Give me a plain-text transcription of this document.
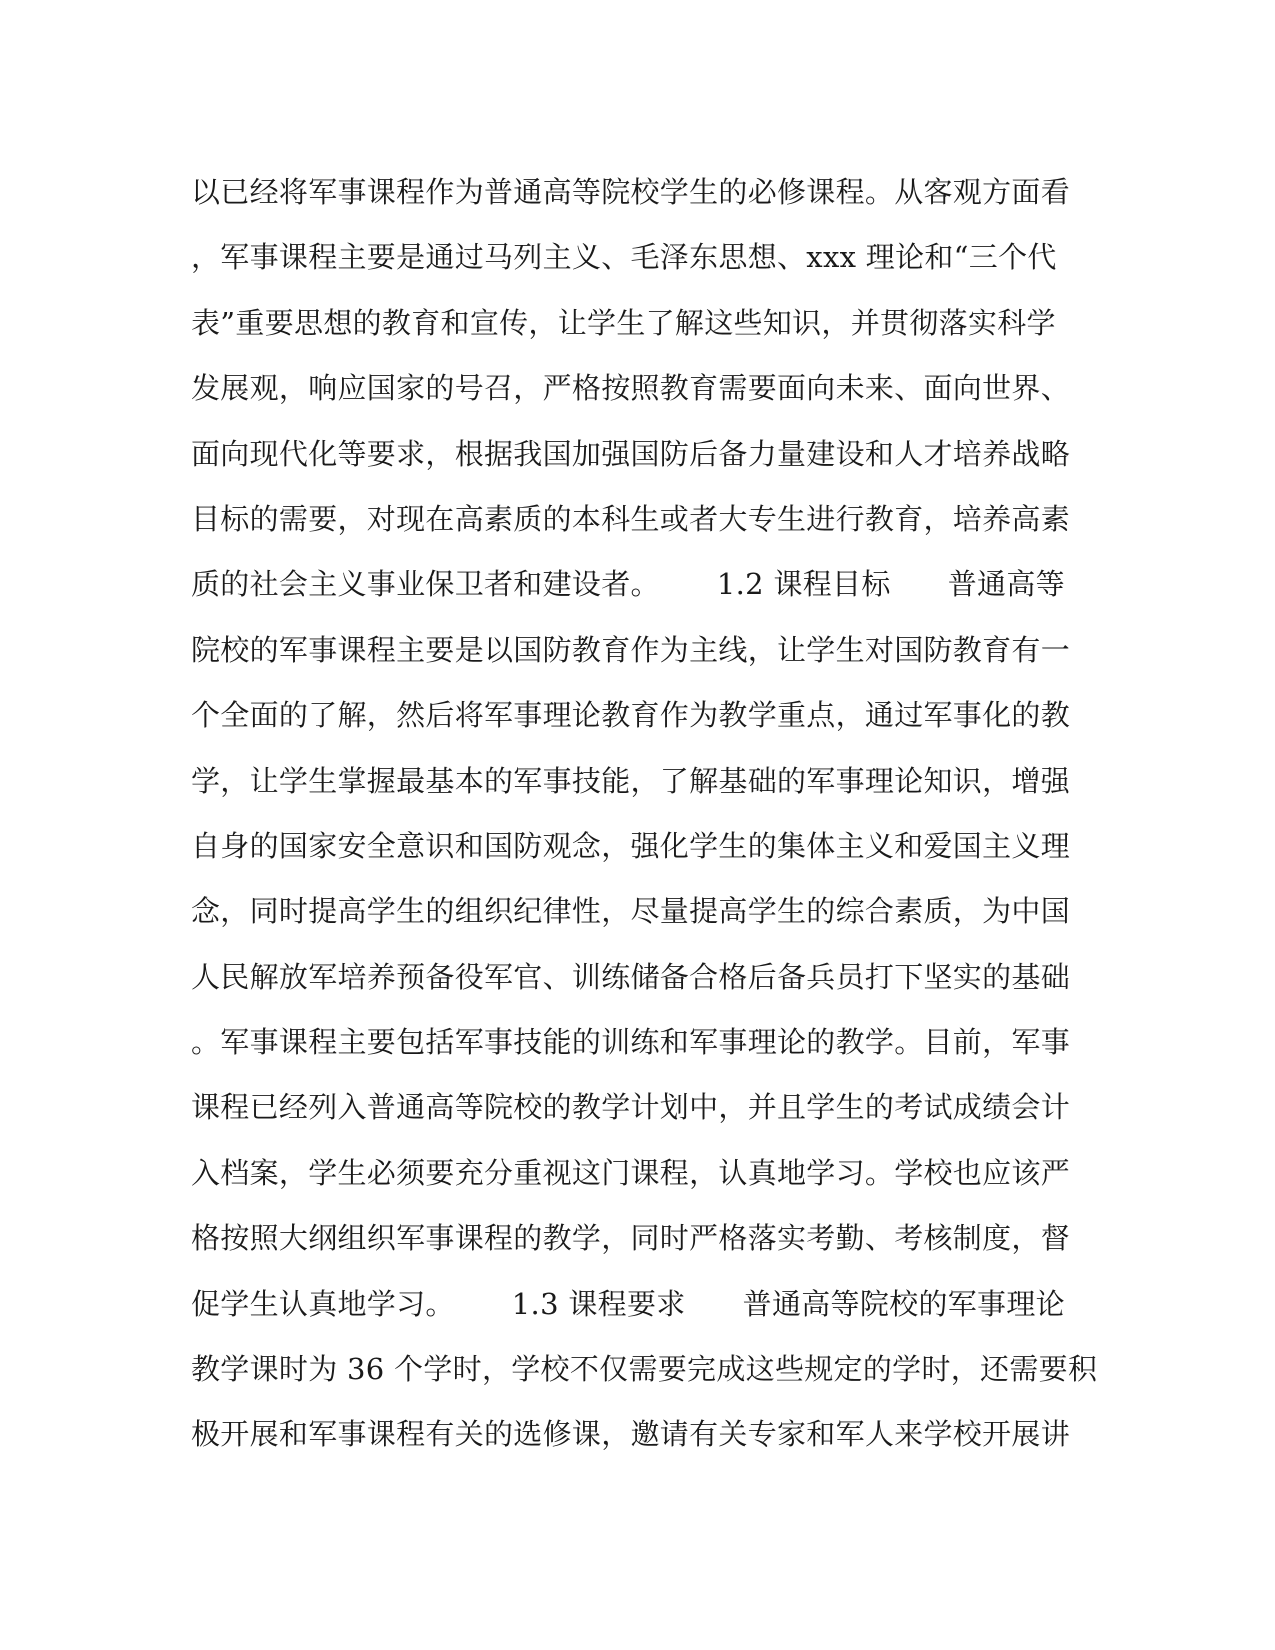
以已经将军事课程作为普通高等院校学生的必修课程。从客观方面看
，军事课程主要是通过马列主义、毛泽东思想、xxx 理论和“三个代
表”重要思想的教育和宣传，让学生了解这些知识，并贯彻落实科学
发展观，响应国家的号召，严格按照教育需要面向未来、面向世界、
面向现代化等要求，根据我国加强国防后备力量建设和人才培养战略
目标的需要，对现在高素质的本科生或者大专生进行教育，培养高素
质的社会主义事业保卫者和建设者。      1.2 课程目标      普通高等
院校的军事课程主要是以国防教育作为主线，让学生对国防教育有一
个全面的了解，然后将军事理论教育作为教学重点，通过军事化的教
学，让学生掌握最基本的军事技能，了解基础的军事理论知识，增强
自身的国家安全意识和国防观念，强化学生的集体主义和爱国主义理
念，同时提高学生的组织纪律性，尽量提高学生的综合素质，为中国
人民解放军培养预备役军官、训练储备合格后备兵员打下坚实的基础
。军事课程主要包括军事技能的训练和军事理论的教学。目前，军事
课程已经列入普通高等院校的教学计划中，并且学生的考试成绩会计
入档案，学生必须要充分重视这门课程，认真地学习。学校也应该严
格按照大纲组织军事课程的教学，同时严格落实考勤、考核制度，督
促学生认真地学习。      1.3 课程要求      普通高等院校的军事理论
教学课时为 36 个学时，学校不仅需要完成这些规定的学时，还需要积
极开展和军事课程有关的选修课，邀请有关专家和军人来学校开展讲
